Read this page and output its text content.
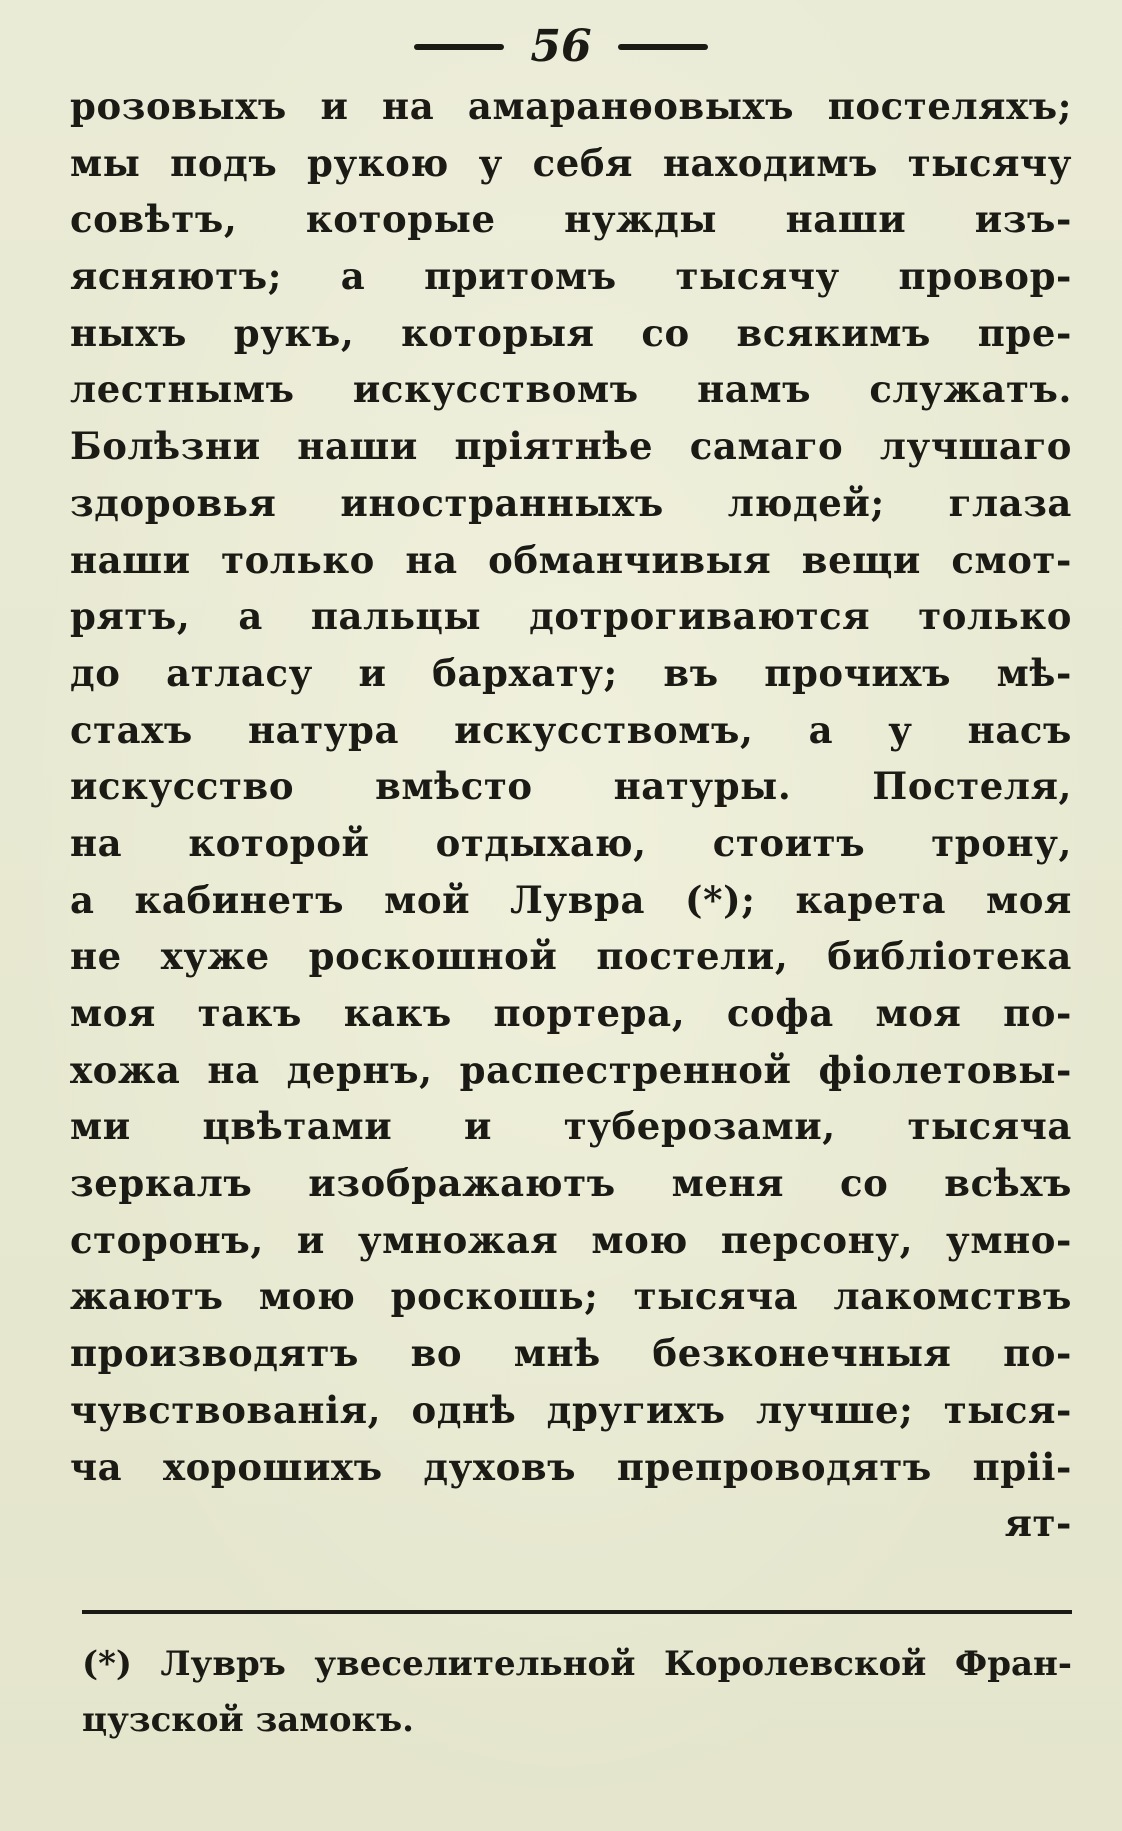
56
розовыхъ и на амаранѳовыхъ постеляхъ;
мы подъ рукою у себя находимъ тысячу
совѣтъ, которые нужды наши изъ-
ясняютъ; а притомъ тысячу провор-
ныхъ рукъ, которыя со всякимъ пре-
лестнымъ искусствомъ намъ служатъ.
Болѣзни наши пріятнѣе самаго лучшаго
здоровья иностранныхъ людей; глаза
наши только на обманчивыя вещи смот-
рятъ, а пальцы дотрогиваются только
до атласу и бархату; въ прочихъ мѣ-
стахъ натура искусствомъ, а у насъ
искусство вмѣсто натуры. Постеля,
на которой отдыхаю, стоитъ трону,
а кабинетъ мой Лувра (*); карета моя
не хуже роскошной постели, библіотека
моя такъ какъ портера, софа моя по-
хожа на дернъ, распестренной фіолетовы-
ми цвѣтами и туберозами, тысяча
зеркалъ изображаютъ меня со всѣхъ
сторонъ, и умножая мою персону, умно-
жаютъ мою роскошь; тысяча лакомствъ
производятъ во мнѣ безконечныя по-
чувствованія, однѣ другихъ лучше; тыся-
ча хорошихъ духовъ препроводятъ пріі-
ят-
(*) Лувръ увеселительной Королевской Фран-
цузской замокъ.
